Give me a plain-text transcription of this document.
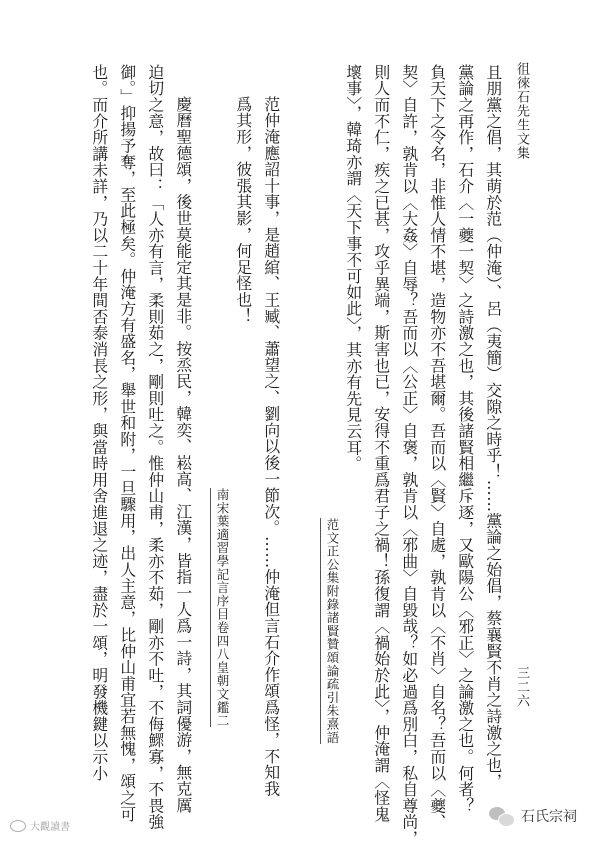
徂徠石先生文集
三二六
且朋黨之倡，其萌於范（仲淹）、呂（夷簡）交隙之時乎！……黨論之始倡，蔡襄賢不肖之詩激之也，
黨論之再作，石介〈一夔一契〉之詩激之也，其後諸賢相繼斥逐，又歐陽公〈邪正〉之論激之也。何者？
負天下之令名，非惟人情不堪，造物亦不吾堪爾。吾而以〈賢〉自處，孰肯以〈不肖〉自名？吾而以〈夔、
契〉自許，孰肯以〈大姦〉自辱？吾而以〈公正〉自褒，孰肯以〈邪曲〉自毀哉？如必過爲別白，私自尊尚，
則人而不仁，疾之已甚，攻乎異端，斯害也已，安得不重爲君子之禍！孫復謂〈禍始於此〉，仲淹謂〈怪鬼
壞事〉，韓琦亦謂〈天下事不可如此〉，其亦有先見云耳。
范文正公集附錄諸賢贊頌論疏引朱熹語
范仲淹應詔十事，是趙綰、王臧、蕭望之、劉向以後一節次。……仲淹但言石介作頌爲怪，不知我
爲其形，彼張其影，何足怪也！
南宋葉適習學記言序目卷四八皇朝文鑑二
慶曆聖德頌，後世莫能定其是非。按烝民，韓奕、崧高、江漢，皆指一人爲一詩，其詞優游，無克厲
迫切之意，故曰：「人亦有言，柔則茹之，剛則吐之。惟仲山甫，柔亦不茹，剛亦不吐，不侮鰥寡，不畏強
御。」抑揚予奪，至此極矣。仲淹方有盛名，舉世和附，一旦驟用，出人主意，比仲山甫宜若無愧，頌之可
也。而介所講未詳，乃以二十年間否泰消長之形，與當時用舍進退之迹，盡於一頌，明發機鍵以示小
大觀讀書
石氏宗祠
